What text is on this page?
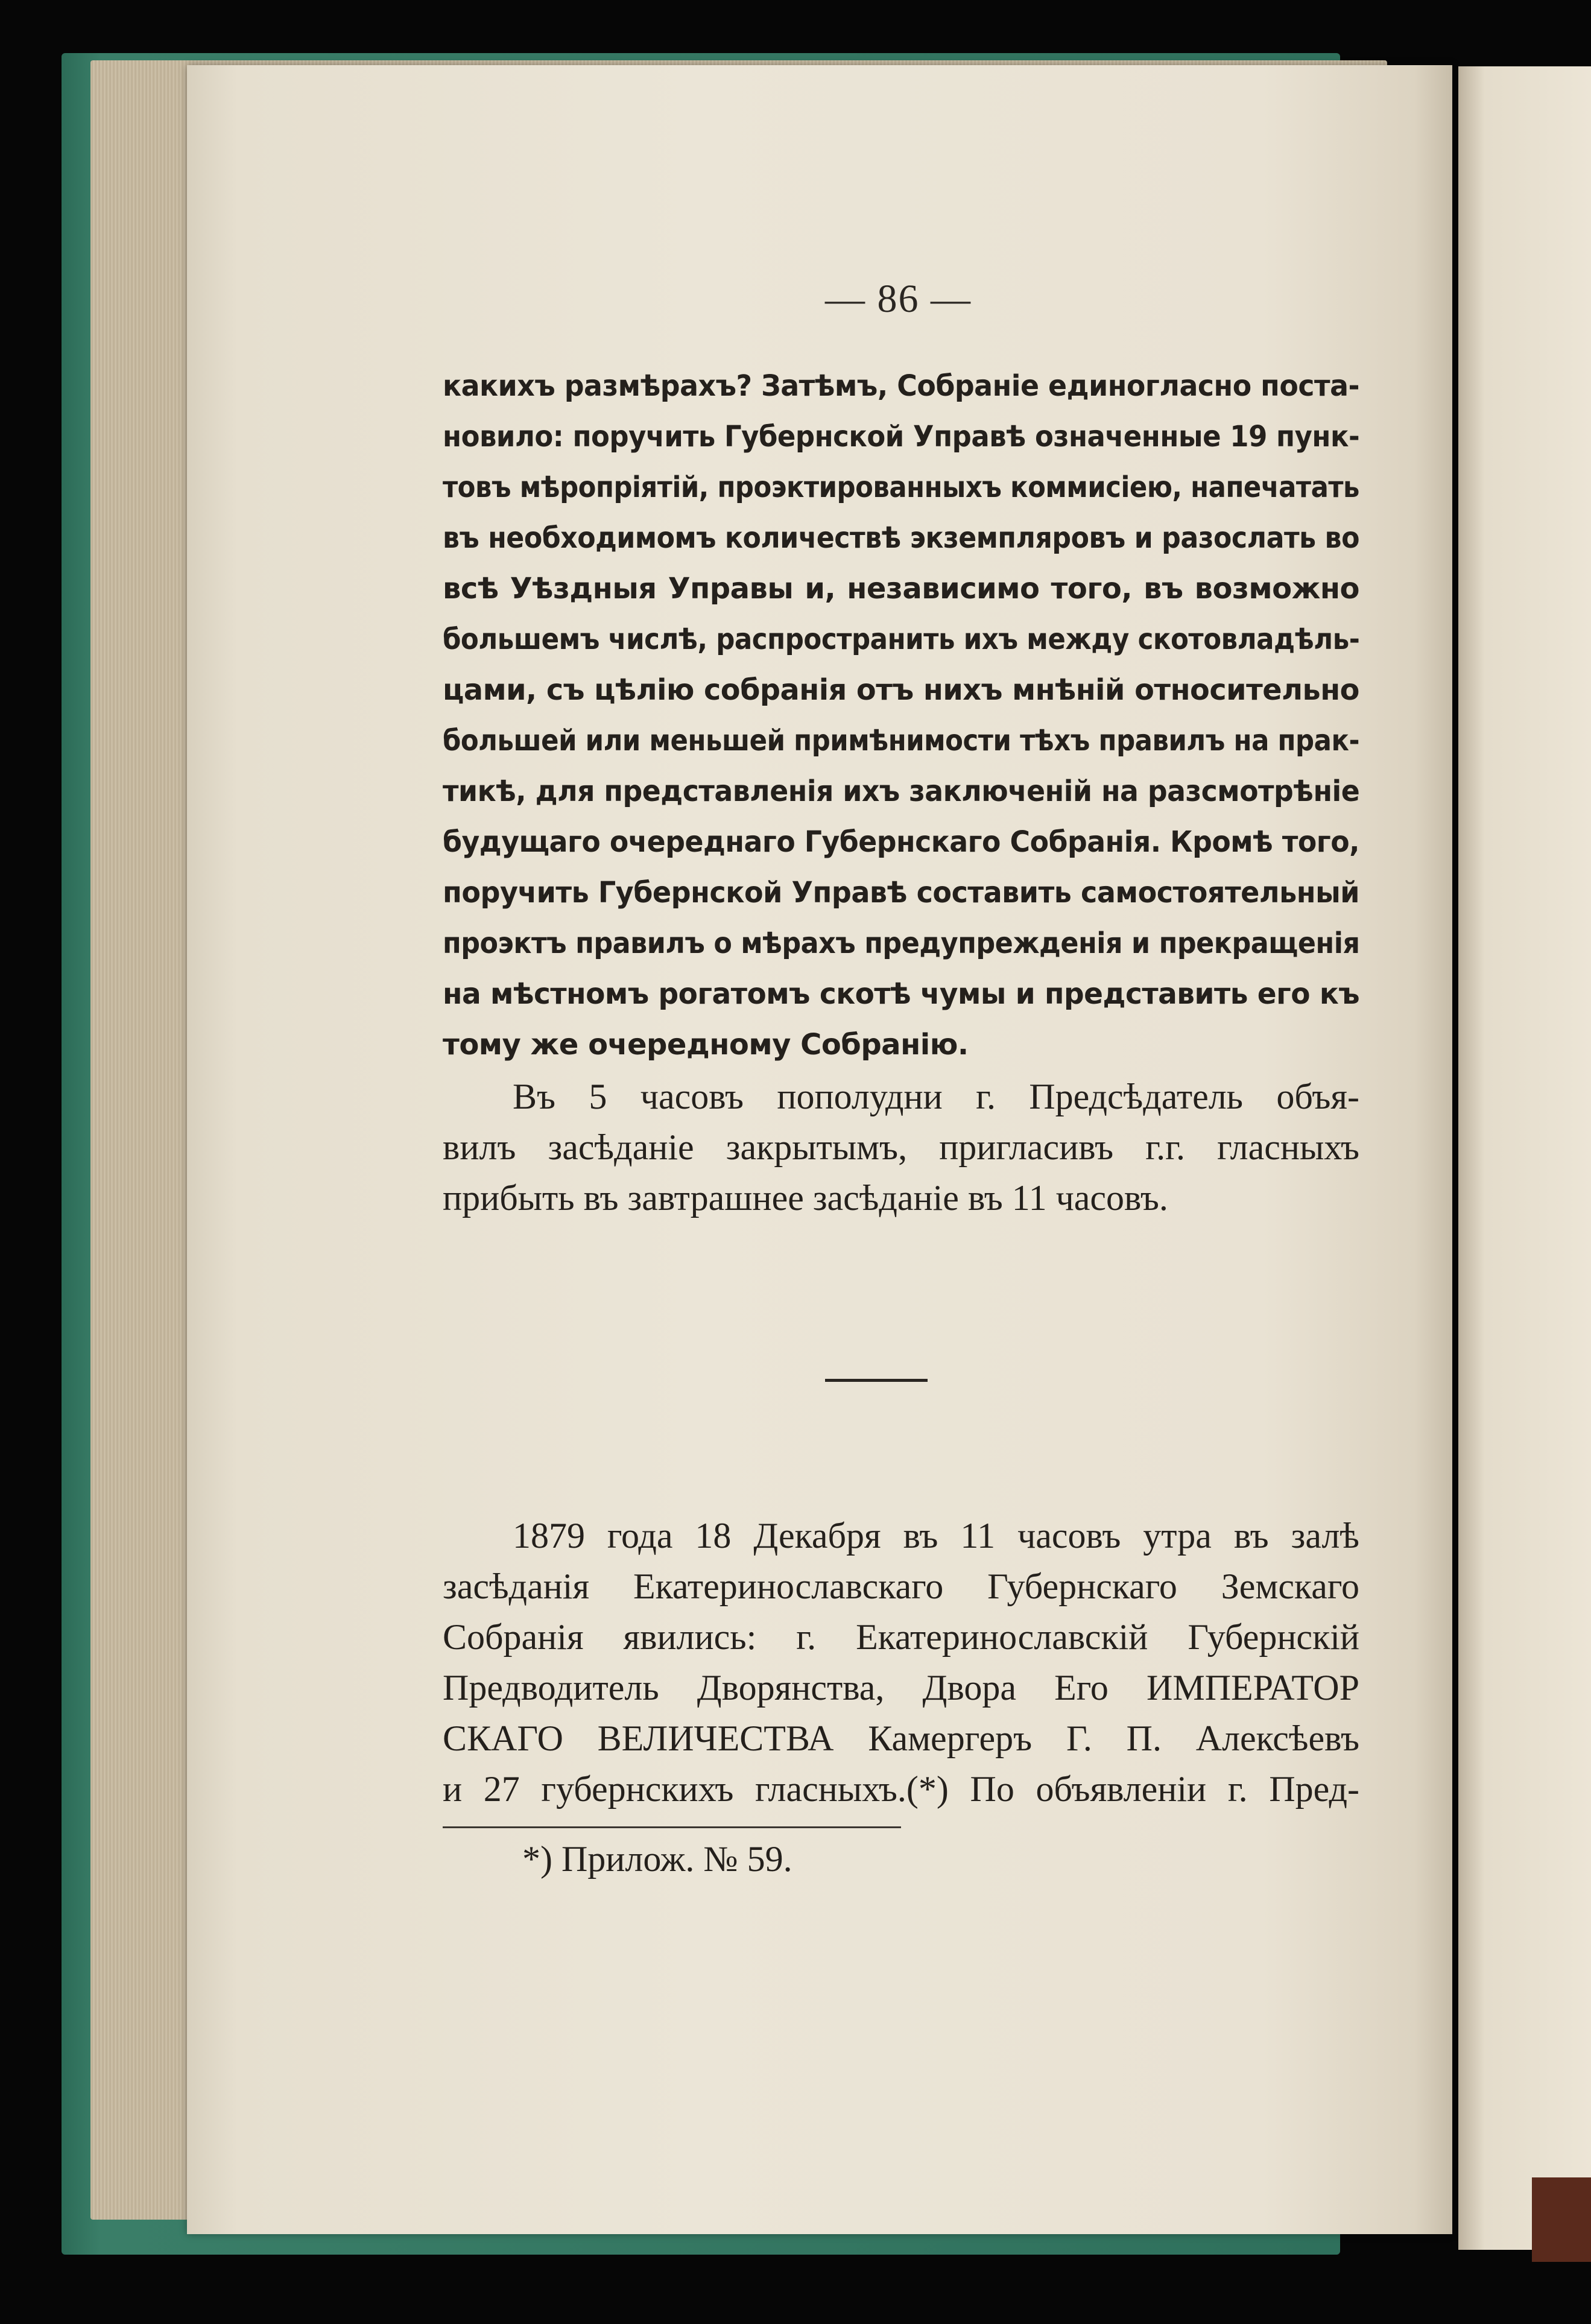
— 86 —
какихъ размѣрахъ? Затѣмъ, Собраніе единогласно поста-
новило: поручить Губернской Управѣ означенные 19 пунк-
товъ мѣропріятій, проэктированныхъ коммисіею, напечатать
въ необходимомъ количествѣ экземпляровъ и разослать во
всѣ Уѣздныя Управы и, независимо того, въ возможно
большемъ числѣ, распространить ихъ между скотовладѣль-
цами, съ цѣлію собранія отъ нихъ мнѣній относительно
большей или меньшей примѣнимости тѣхъ правилъ на прак-
тикѣ, для представленія ихъ заключеній на разсмотрѣніе
будущаго очереднаго Губернскаго Собранія. Кромѣ того,
поручить Губернской Управѣ составить самостоятельный
проэктъ правилъ о мѣрахъ предупрежденія и прекращенія
на мѣстномъ рогатомъ скотѣ чумы и представить его къ
тому же очередному Собранію.
Въ 5 часовъ пополудни г. Предсѣдатель объя-
вилъ засѣданіе закрытымъ, пригласивъ г.г. гласныхъ
прибыть въ завтрашнее засѣданіе въ 11 часовъ.
1879 года 18 Декабря въ 11 часовъ утра въ залѣ
засѣданія Екатеринославскаго Губернскаго Земскаго
Собранія явились: г. Екатеринославскій Губернскій
Предводитель Дворянства, Двора Его ИМПЕРАТОР
СКАГО ВЕЛИЧЕСТВА Камергеръ Г. П. Алексѣевъ
и 27 губернскихъ гласныхъ.(*) По объявленіи г. Пред-
*) Прилож. № 59.
